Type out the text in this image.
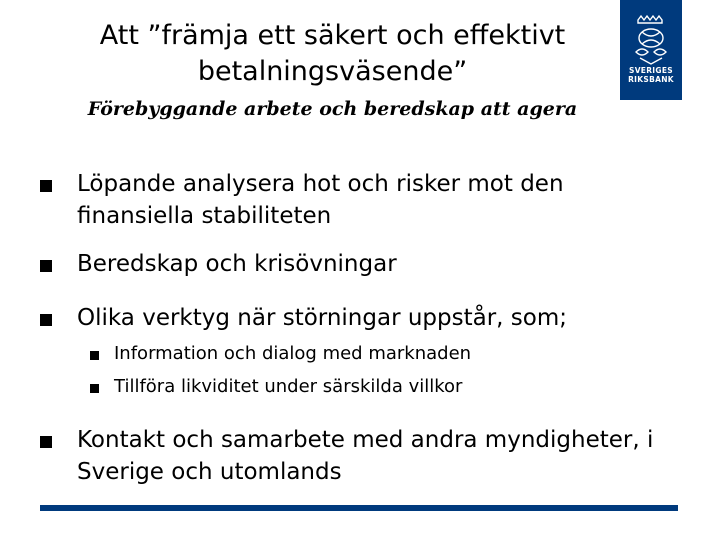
Att ”främja ett säkert och effektivt
betalningsväsende”
Förebyggande arbete och beredskap att agera
SVERIGES
RIKSBANK
Löpande analysera hot och risker mot den
finansiella stabiliteten
Beredskap och krisövningar
Olika verktyg när störningar uppstår, som;
Information och dialog med marknaden
Tillföra likviditet under särskilda villkor
Kontakt och samarbete med andra myndigheter, i
Sverige och utomlands
